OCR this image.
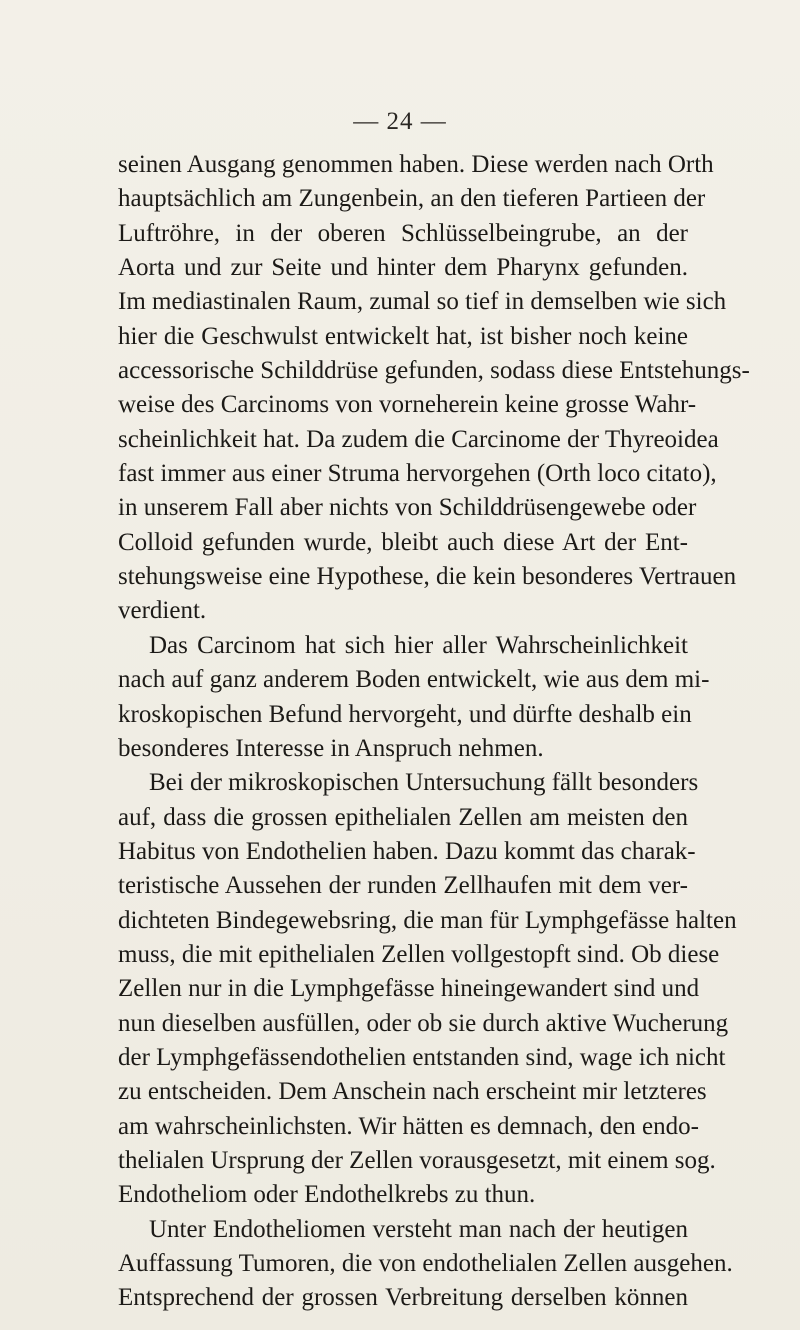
— 24 —
seinen Ausgang genommen haben. Diese werden nach Orth
hauptsächlich am Zungenbein, an den tieferen Partieen der
Luftröhre, in der oberen Schlüsselbeingrube, an der
Aorta und zur Seite und hinter dem Pharynx gefunden.
Im mediastinalen Raum, zumal so tief in demselben wie sich
hier die Geschwulst entwickelt hat, ist bisher noch keine
accessorische Schilddrüse gefunden, sodass diese Entstehungs-
weise des Carcinoms von vorneherein keine grosse Wahr-
scheinlichkeit hat. Da zudem die Carcinome der Thyreoidea
fast immer aus einer Struma hervorgehen (Orth loco citato),
in unserem Fall aber nichts von Schilddrüsengewebe oder
Colloid gefunden wurde, bleibt auch diese Art der Ent-
stehungsweise eine Hypothese, die kein besonderes Vertrauen
verdient.
Das Carcinom hat sich hier aller Wahrscheinlichkeit
nach auf ganz anderem Boden entwickelt, wie aus dem mi-
kroskopischen Befund hervorgeht, und dürfte deshalb ein
besonderes Interesse in Anspruch nehmen.
Bei der mikroskopischen Untersuchung fällt besonders
auf, dass die grossen epithelialen Zellen am meisten den
Habitus von Endothelien haben. Dazu kommt das charak-
teristische Aussehen der runden Zellhaufen mit dem ver-
dichteten Bindegewebsring, die man für Lymphgefässe halten
muss, die mit epithelialen Zellen vollgestopft sind. Ob diese
Zellen nur in die Lymphgefässe hineingewandert sind und
nun dieselben ausfüllen, oder ob sie durch aktive Wucherung
der Lymphgefässendothelien entstanden sind, wage ich nicht
zu entscheiden. Dem Anschein nach erscheint mir letzteres
am wahrscheinlichsten. Wir hätten es demnach, den endo-
thelialen Ursprung der Zellen vorausgesetzt, mit einem sog.
Endotheliom oder Endothelkrebs zu thun.
Unter Endotheliomen versteht man nach der heutigen
Auffassung Tumoren, die von endothelialen Zellen ausgehen.
Entsprechend der grossen Verbreitung derselben können
